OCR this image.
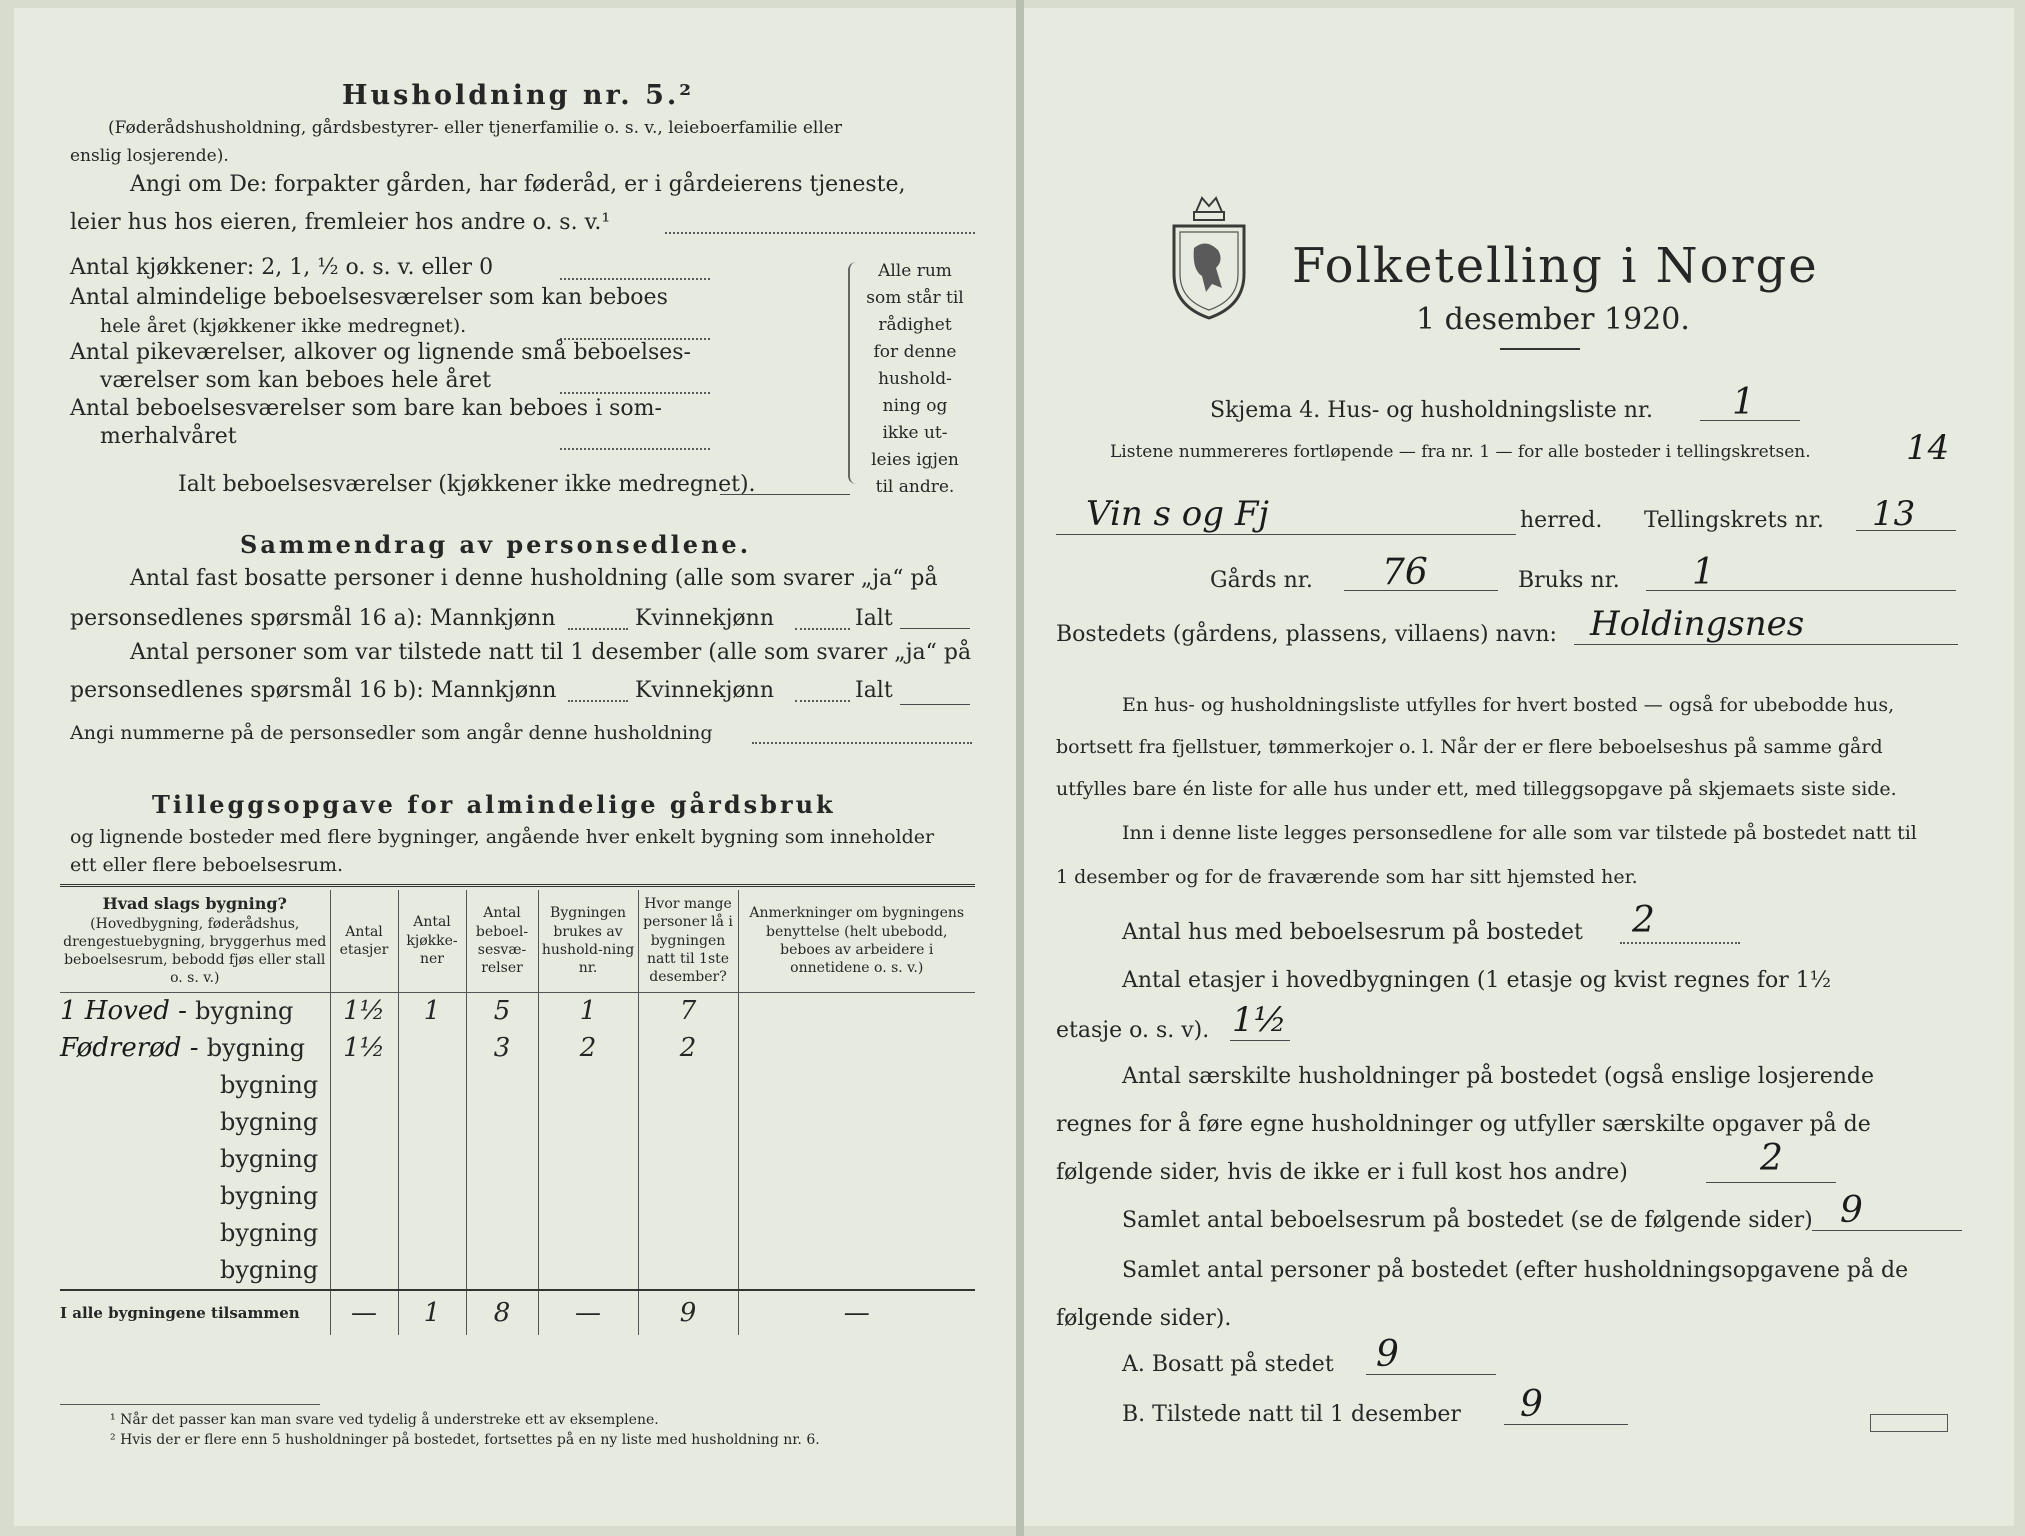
Husholdning nr. 5.²
(Føderådshusholdning, gårdsbestyrer- eller tjenerfamilie o. s. v., leieboerfamilie eller
enslig losjerende).
Angi om De: forpakter gården, har føderåd, er i gårdeierens tjeneste,
leier hus hos eieren, fremleier hos andre o. s. v.¹
Antal kjøkkener: 2, 1, ½ o. s. v. eller 0
Antal almindelige beboelsesværelser som kan beboes
hele året (kjøkkener ikke medregnet).
Antal pikeværelser, alkover og lignende små beboelses-
værelser som kan beboes hele året
Antal beboelsesværelser som bare kan beboes i som-
merhalvåret
Ialt beboelsesværelser (kjøkkener ikke medregnet).
Alle rum
som står til
rådighet
for denne
hushold-
ning og
ikke ut-
leies igjen
til andre.
Sammendrag av personsedlene.
Antal fast bosatte personer i denne husholdning (alle som svarer „ja“ på
personsedlenes spørsmål 16 a): Mannkjønn	Kvinnekjønn	Ialt
Antal personer som var tilstede natt til 1 desember (alle som svarer „ja“ på
personsedlenes spørsmål 16 b): Mannkjønn	Kvinnekjønn	Ialt
Angi nummerne på de personsedler som angår denne husholdning
Tilleggsopgave for almindelige gårdsbruk
og lignende bosteder med flere bygninger, angående hver enkelt bygning som inneholder
ett eller flere beboelsesrum.
Hvad slags bygning?
(Hovedbygning, føderådshus, drengestuebygning, bryggerhus med beboelsesrum, bebodd fjøs eller stall o. s. v.)	Antal etasjer	Antal kjøkke-ner	Antal beboel-sesvæ-relser	Bygningen brukes av hushold-ning nr.	Hvor mange personer lå i bygningen natt til 1ste desember?	Anmerkninger om bygningens benyttelse (helt ubebodd, beboes av arbeidere i onnetidene o. s. v.)
1 Hoved - bygning	1½	1	5	1	7	
Fødrerød - bygning	1½		3	2	2	
bygning						
bygning						
bygning						
bygning						
bygning						
bygning						
I alle bygningene tilsammen	—	1	8	—	9	—
¹ Når det passer kan man svare ved tydelig å understreke ett av eksemplene.
² Hvis der er flere enn 5 husholdninger på bostedet, fortsettes på en ny liste med husholdning nr. 6.
Folketelling i Norge
1 desember 1920.
Skjema 4. Hus- og husholdningsliste nr. 1
Listene nummereres fortløpende — fra nr. 1 — for alle bosteder i tellingskretsen.	14
Vin s og Fj	herred. Tellingskrets nr. 13
Gårds nr. 76	Bruks nr. 1
Bostedets (gårdens, plassens, villaens) navn: Holdingsnes
En hus- og husholdningsliste utfylles for hvert bosted — også for ubebodde hus,
bortsett fra fjellstuer, tømmerkojer o. l. Når der er flere beboelseshus på samme gård
utfylles bare én liste for alle hus under ett, med tilleggsopgave på skjemaets siste side.
Inn i denne liste legges personsedlene for alle som var tilstede på bostedet natt til
1 desember og for de fraværende som har sitt hjemsted her.
Antal hus med beboelsesrum på bostedet 2
Antal etasjer i hovedbygningen (1 etasje og kvist regnes for 1½
etasje o. s. v). 1½
Antal særskilte husholdninger på bostedet (også enslige losjerende
regnes for å føre egne husholdninger og utfyller særskilte opgaver på de
følgende sider, hvis de ikke er i full kost hos andre)	2
Samlet antal beboelsesrum på bostedet (se de følgende sider) 9
Samlet antal personer på bostedet (efter husholdningsopgavene på de
følgende sider).
A. Bosatt på stedet 9
B. Tilstede natt til 1 desember 9
